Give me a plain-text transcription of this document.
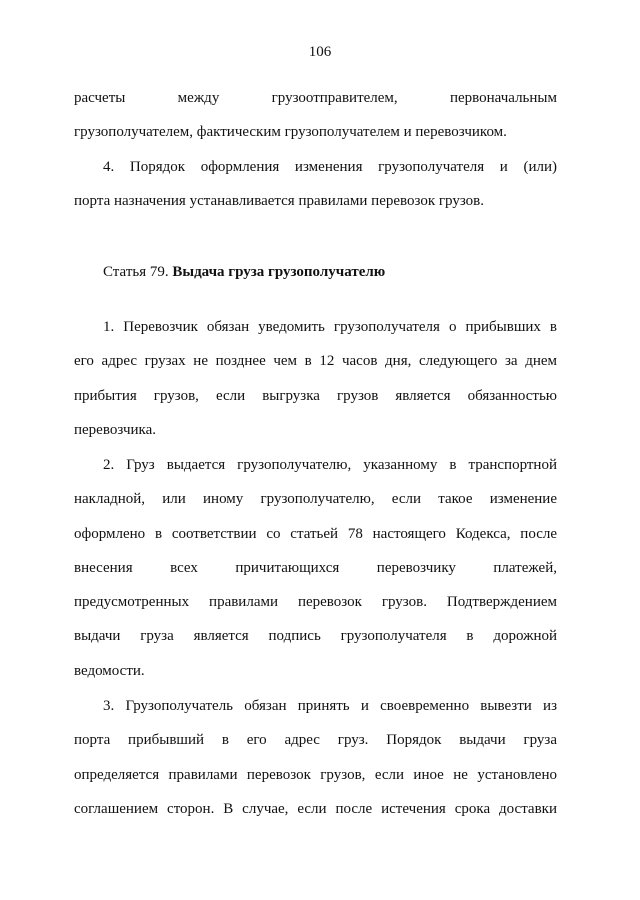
106
расчеты между грузоотправителем, первоначальным
грузополучателем, фактическим грузополучателем и перевозчиком.
4. Порядок оформления изменения грузополучателя и (или)
порта назначения устанавливается правилами перевозок грузов.
Статья 79. Выдача груза грузополучателю
1. Перевозчик обязан уведомить грузополучателя о прибывших в
его адрес грузах не позднее чем в 12 часов дня, следующего за днем
прибытия грузов, если выгрузка грузов является обязанностью
перевозчика.
2. Груз выдается грузополучателю, указанному в транспортной
накладной, или иному грузополучателю, если такое изменение
оформлено в соответствии со статьей 78 настоящего Кодекса, после
внесения всех причитающихся перевозчику платежей,
предусмотренных правилами перевозок грузов. Подтверждением
выдачи груза является подпись грузополучателя в дорожной
ведомости.
3. Грузополучатель обязан принять и своевременно вывезти из
порта прибывший в его адрес груз. Порядок выдачи груза
определяется правилами перевозок грузов, если иное не установлено
соглашением сторон. В случае, если после истечения срока доставки
